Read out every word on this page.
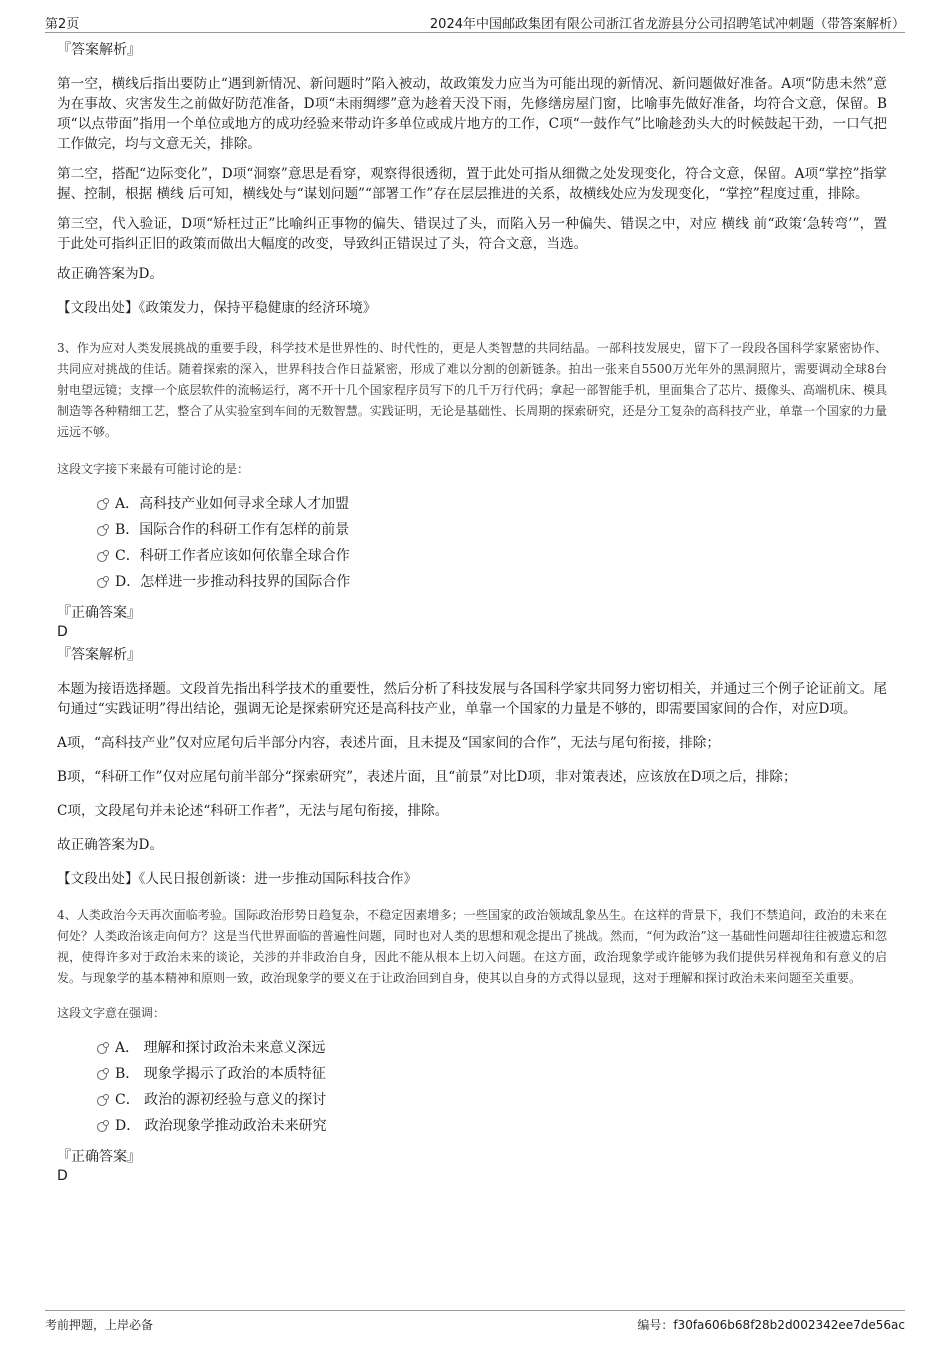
第2页	2024年中国邮政集团有限公司浙江省龙游县分公司招聘笔试冲刺题（带答案解析）

『答案解析』

第一空，横线后指出要防止“遇到新情况、新问题时”陷入被动，故政策发力应当为可能出现的新情况、新问题做好准备。A项“防患未然”意为在事故、灾害发生之前做好防范准备，D项“未雨绸缪”意为趁着天没下雨，先修缮房屋门窗，比喻事先做好准备，均符合文意，保留。B项“以点带面”指用一个单位或地方的成功经验来带动许多单位或成片地方的工作，C项“一鼓作气”比喻趁劲头大的时候鼓起干劲，一口气把工作做完，均与文意无关，排除。

第二空，搭配“边际变化”，D项“洞察”意思是看穿，观察得很透彻，置于此处可指从细微之处发现变化，符合文意，保留。A项“掌控”指掌握、控制，根据 横线 后可知，横线处与“谋划问题”“部署工作”存在层层推进的关系，故横线处应为发现变化，“掌控”程度过重，排除。

第三空，代入验证，D项“矫枉过正”比喻纠正事物的偏失、错误过了头，而陷入另一种偏失、错误之中，对应 横线 前“政策‘急转弯’”，置于此处可指纠正旧的政策而做出大幅度的改变，导致纠正错误过了头，符合文意，当选。

故正确答案为D。

【文段出处】《政策发力，保持平稳健康的经济环境》

3、作为应对人类发展挑战的重要手段，科学技术是世界性的、时代性的，更是人类智慧的共同结晶。一部科技发展史，留下了一段段各国科学家紧密协作、共同应对挑战的佳话。随着探索的深入，世界科技合作日益紧密，形成了难以分割的创新链条。拍出一张来自5500万光年外的黑洞照片，需要调动全球8台射电望远镜；支撑一个底层软件的流畅运行，离不开十几个国家程序员写下的几千万行代码；拿起一部智能手机，里面集合了芯片、摄像头、高端机床、模具制造等各种精细工艺，整合了从实验室到车间的无数智慧。实践证明，无论是基础性、长周期的探索研究，还是分工复杂的高科技产业，单靠一个国家的力量远远不够。

这段文字接下来最有可能讨论的是：

A．高科技产业如何寻求全球人才加盟
B．国际合作的科研工作有怎样的前景
C．科研工作者应该如何依靠全球合作
D．怎样进一步推动科技界的国际合作

『正确答案』

D

『答案解析』

本题为接语选择题。文段首先指出科学技术的重要性，然后分析了科技发展与各国科学家共同努力密切相关，并通过三个例子论证前文。尾句通过“实践证明”得出结论，强调无论是探索研究还是高科技产业，单靠一个国家的力量是不够的，即需要国家间的合作，对应D项。

A项，“高科技产业”仅对应尾句后半部分内容，表述片面，且未提及“国家间的合作”，无法与尾句衔接，排除；

B项，“科研工作”仅对应尾句前半部分“探索研究”，表述片面，且“前景”对比D项，非对策表述，应该放在D项之后，排除；

C项，文段尾句并未论述“科研工作者”，无法与尾句衔接，排除。

故正确答案为D。

【文段出处】《人民日报创新谈：进一步推动国际科技合作》

4、人类政治今天再次面临考验。国际政治形势日趋复杂，不稳定因素增多；一些国家的政治领域乱象丛生。在这样的背景下，我们不禁追问，政治的未来在何处？人类政治该走向何方？这是当代世界面临的普遍性问题，同时也对人类的思想和观念提出了挑战。然而，“何为政治”这一基础性问题却往往被遗忘和忽视，使得许多对于政治未来的谈论，关涉的并非政治自身，因此不能从根本上切入问题。在这方面，政治现象学或许能够为我们提供另样视角和有意义的启发。与现象学的基本精神和原则一致，政治现象学的要义在于让政治回到自身，使其以自身的方式得以显现，这对于理解和探讨政治未来问题至关重要。

这段文字意在强调：

A． 理解和探讨政治未来意义深远
B． 现象学揭示了政治的本质特征
C． 政治的源初经验与意义的探讨
D． 政治现象学推动政治未来研究

『正确答案』

D

考前押题，上岸必备	编号：f30fa606b68f28b2d002342ee7de56ac
